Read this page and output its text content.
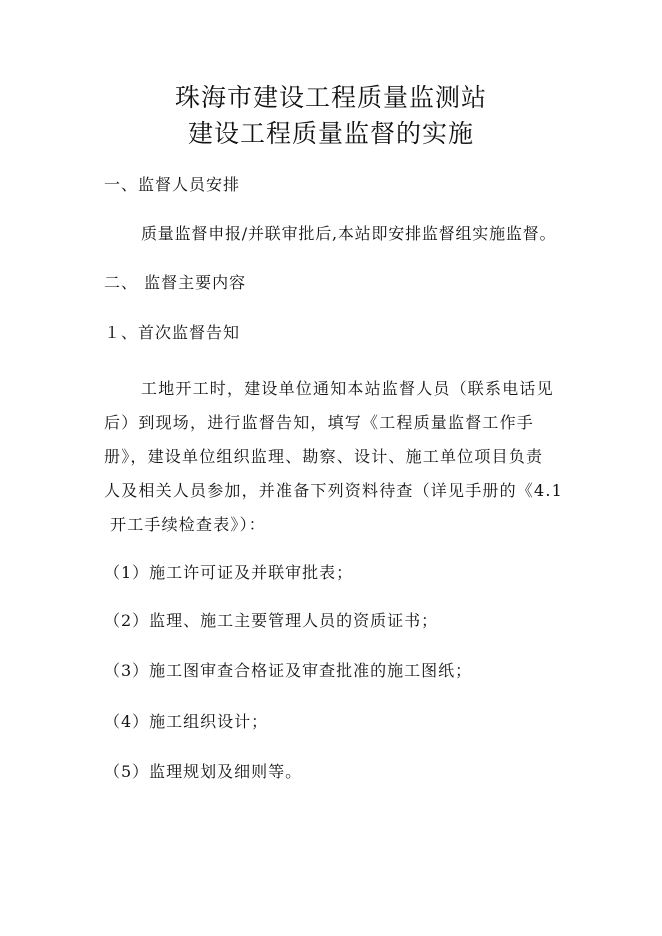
珠海市建设工程质量监测站
建设工程质量监督的实施
一、监督人员安排
质量监督申报/并联审批后,本站即安排监督组实施监督。
二、 监督主要内容
１、首次监督告知
工地开工时，建设单位通知本站监督人员（联系电话见
后）到现场，进行监督告知，填写《工程质量监督工作手
册》，建设单位组织监理、勘察、设计、施工单位项目负责
人及相关人员参加，并准备下列资料待查（详见手册的《4.1
开工手续检查表》）：
（1）施工许可证及并联审批表；
（2）监理、施工主要管理人员的资质证书；
（3）施工图审查合格证及审查批准的施工图纸；
（4）施工组织设计；
（5）监理规划及细则等。
